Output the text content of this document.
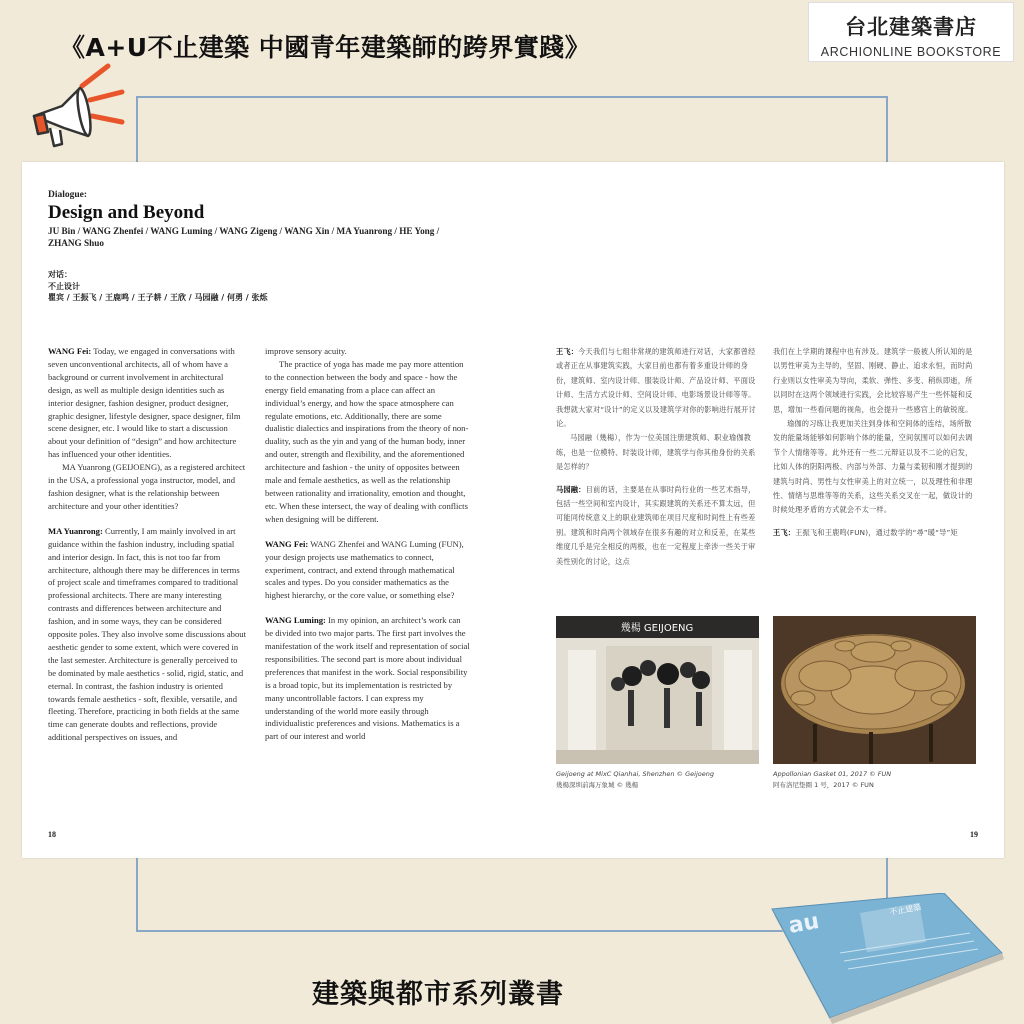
《A+U不止建築 中國青年建築師的跨界實踐》
台北建築書店
ARCHIONLINE BOOKSTORE
Dialogue:
Design and Beyond
JU Bin / WANG Zhenfei / WANG Luming / WANG Zigeng / WANG Xin / MA Yuanrong / HE Yong / ZHANG Shuo
对话：
不止设计
瞿宾 / 王振飞 / 王鹿鸣 / 王子耕 / 王欣 / 马园融 / 何勇 / 张烁

WANG Fei: Today, we engaged in conversations with seven unconventional architects, all of whom have a background or current involvement in architectural design, as well as multiple design identities such as interior designer, fashion designer, product designer, graphic designer, lifestyle designer, space designer, film scene designer, etc. I would like to start a discussion about your definition of “design” and how architecture has influenced your other identities.

MA Yuanrong (GEIJOENG), as a registered architect in the USA, a professional yoga instructor, model, and fashion designer, what is the relationship between architecture and your other identities?

MA Yuanrong: Currently, I am mainly involved in art guidance within the fashion industry, including spatial and interior design. In fact, this is not too far from architecture, although there may be differences in terms of project scale and timeframes compared to traditional professional architects. There are many interesting contrasts and differences between architecture and fashion, and in some ways, they can be considered opposite poles. They also involve some discussions about aesthetic gender to some extent, which were covered in the last semester. Architecture is generally perceived to be dominated by male aesthetics - solid, rigid, static, and eternal. In contrast, the fashion industry is oriented towards female aesthetics - soft, flexible, versatile, and fleeting. Therefore, practicing in both fields at the same time can generate doubts and reflections, provide additional perspectives on issues, and

improve sensory acuity.

The practice of yoga has made me pay more attention to the connection between the body and space - how the energy field emanating from a place can affect an individual’s energy, and how the space atmosphere can regulate emotions, etc. Additionally, there are some dualistic dialectics and inspirations from the theory of non-duality, such as the yin and yang of the human body, inner and outer, strength and flexibility, and the aforementioned architecture and fashion - the unity of opposites between male and female aesthetics, as well as the relationship between rationality and irrationality, emotion and thought, etc. When these intersect, the way of dealing with conflicts when designing will be different.

WANG Fei: WANG Zhenfei and WANG Luming (FUN), your design projects use mathematics to connect, experiment, contract, and extend through mathematical scales and types. Do you consider mathematics as the highest hierarchy, or the core value, or something else?

WANG Luming: In my opinion, an architect’s work can be divided into two major parts. The first part involves the manifestation of the work itself and representation of social responsibilities. The second part is more about individual preferences that manifest in the work. Social responsibility is a broad topic, but its implementation is restricted by many uncontrollable factors. I can express my understanding of the world more easily through individualistic preferences and visions. Mathematics is a part of our interest and world

王飞：今天我们与七组非常规的建筑师进行对话，大家都曾经或者正在从事建筑实践，大家目前也都有着多重设计师的身份，建筑师、室内设计师、服装设计师、产品设计师、平面设计师、生活方式设计师、空间设计师、电影场景设计师等等。我想就大家对“设计”的定义以及建筑学对你的影响进行展开讨论。

马园融（幾楊），作为一位美国注册建筑师、职业瑜伽教练，也是一位模特、时装设计师，建筑学与你其他身份的关系是怎样的？

马园融：目前的话，主要是在从事时尚行业的一些艺术指导，包括一些空间和室内设计，其实跟建筑的关系还不算太远，但可能同传统意义上的职业建筑师在项目尺度和时间性上有些差别。建筑和时尚两个领域存在很多有趣的对立和反差，在某些维度几乎是完全相反的两极，也在一定程度上牵涉一些关于审美性别化的讨论，这点

我们在上学期的课程中也有涉及。建筑学一般被人所认知的是以男性审美为主导的，坚固、刚硬、静止、追求永恒，而时尚行业则以女性审美为导向，柔软、弹性、多变、稍纵即逝，所以同时在这两个领域进行实践，会比较容易产生一些怀疑和反思，增加一些看问题的视角，也会提升一些感官上的敏锐度。

瑜伽的习练让我更加关注到身体和空间体的连结，场所散发的能量场能够如何影响个体的能量，空间氛围可以如何去调节个人情绪等等。此外还有一些二元辩证以及不二论的启发，比如人体的阴阳两极、内部与外部、力量与柔韧和刚才提到的建筑与时尚、男性与女性审美上的对立统一，以及理性和非理性、情绪与思维等等的关系，这些关系交叉在一起，做设计的时候处理矛盾的方式就会不太一样。

王飞：王振飞和王鹿鸣(FUN)，通过数学的“尋”暖“导”矩

幾楊 GEIJOENG
Geijoeng at MixC Qianhai, Shenzhen © Geijoeng
幾楊深圳前海万象城 © 幾楊
Appollonian Gasket 01, 2017 © FUN
阿布洛尼垫圈 1 号，2017 © FUN
18	19
au	不止建築
建築與都市系列叢書
